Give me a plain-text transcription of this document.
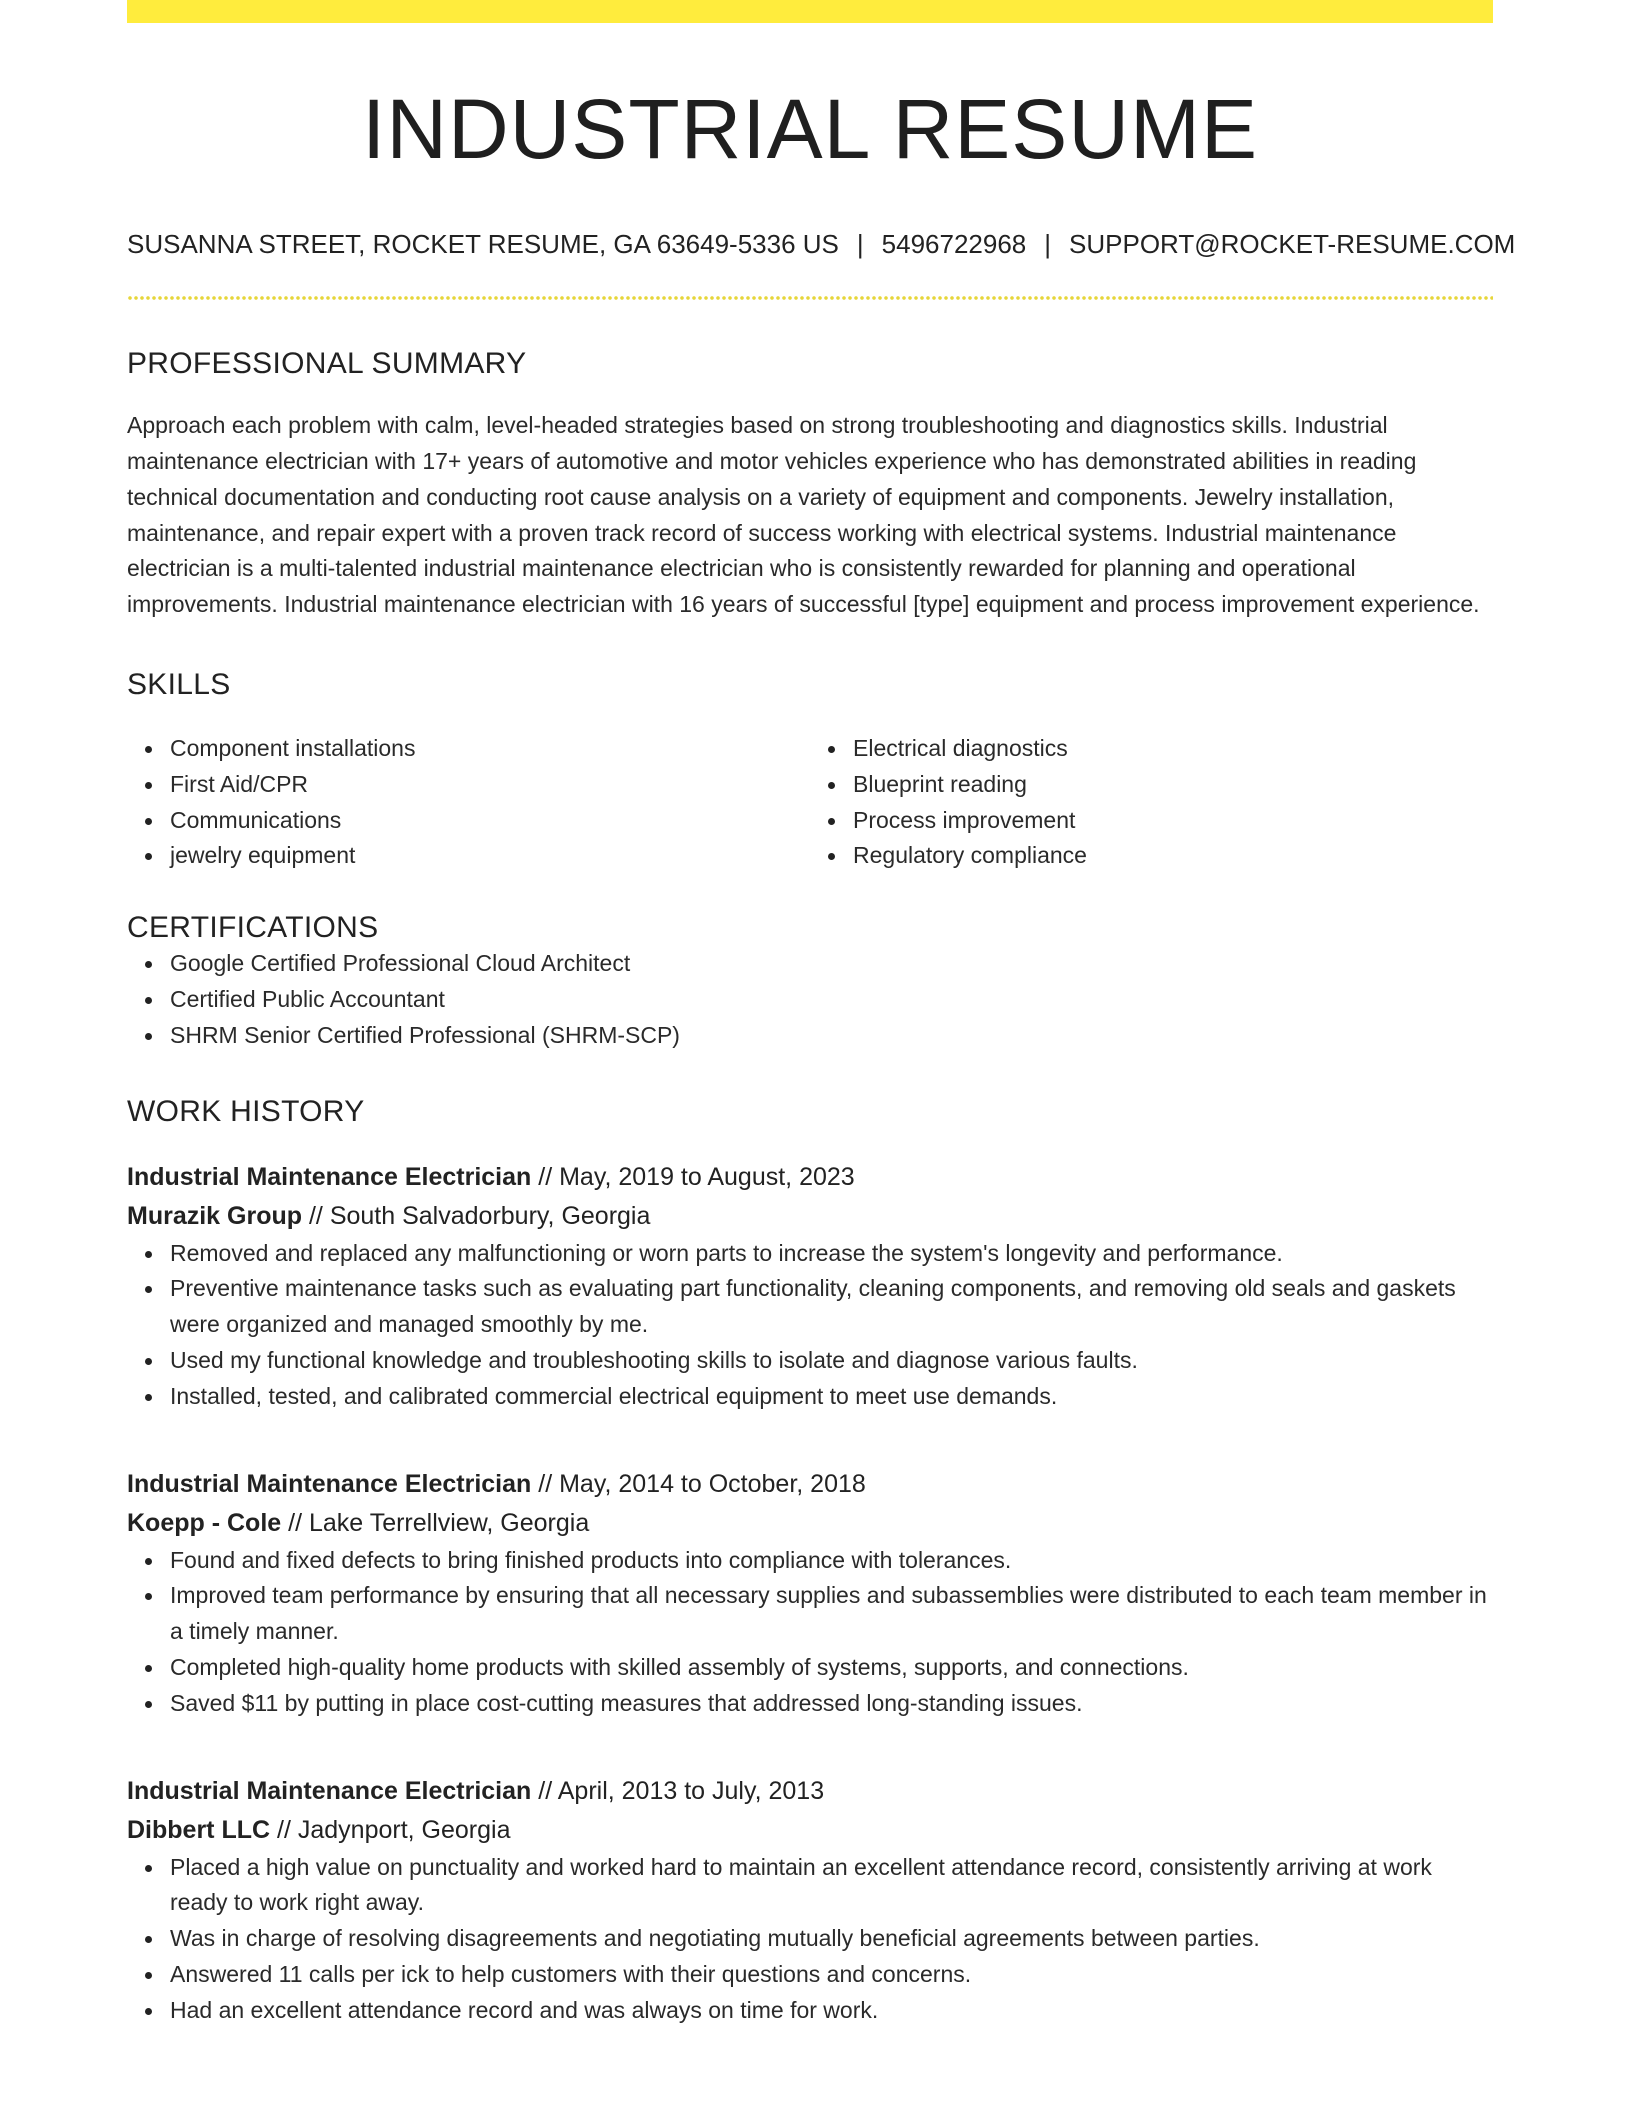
INDUSTRIAL RESUME
SUSANNA STREET, ROCKET RESUME, GA 63649-5336 US | 5496722968 | SUPPORT@ROCKET-RESUME.COM
PROFESSIONAL SUMMARY
Approach each problem with calm, level-headed strategies based on strong troubleshooting and diagnostics skills. Industrial maintenance electrician with 17+ years of automotive and motor vehicles experience who has demonstrated abilities in reading technical documentation and conducting root cause analysis on a variety of equipment and components. Jewelry installation, maintenance, and repair expert with a proven track record of success working with electrical systems. Industrial maintenance electrician is a multi-talented industrial maintenance electrician who is consistently rewarded for planning and operational improvements. Industrial maintenance electrician with 16 years of successful [type] equipment and process improvement experience.
SKILLS
Component installations
First Aid/CPR
Communications
jewelry equipment
Electrical diagnostics
Blueprint reading
Process improvement
Regulatory compliance
CERTIFICATIONS
Google Certified Professional Cloud Architect
Certified Public Accountant
SHRM Senior Certified Professional (SHRM-SCP)
WORK HISTORY
Industrial Maintenance Electrician // May, 2019 to August, 2023
Murazik Group // South Salvadorbury, Georgia
Removed and replaced any malfunctioning or worn parts to increase the system's longevity and performance.
Preventive maintenance tasks such as evaluating part functionality, cleaning components, and removing old seals and gaskets were organized and managed smoothly by me.
Used my functional knowledge and troubleshooting skills to isolate and diagnose various faults.
Installed, tested, and calibrated commercial electrical equipment to meet use demands.
Industrial Maintenance Electrician // May, 2014 to October, 2018
Koepp - Cole // Lake Terrellview, Georgia
Found and fixed defects to bring finished products into compliance with tolerances.
Improved team performance by ensuring that all necessary supplies and subassemblies were distributed to each team member in a timely manner.
Completed high-quality home products with skilled assembly of systems, supports, and connections.
Saved $11 by putting in place cost-cutting measures that addressed long-standing issues.
Industrial Maintenance Electrician // April, 2013 to July, 2013
Dibbert LLC // Jadynport, Georgia
Placed a high value on punctuality and worked hard to maintain an excellent attendance record, consistently arriving at work ready to work right away.
Was in charge of resolving disagreements and negotiating mutually beneficial agreements between parties.
Answered 11 calls per ick to help customers with their questions and concerns.
Had an excellent attendance record and was always on time for work.
